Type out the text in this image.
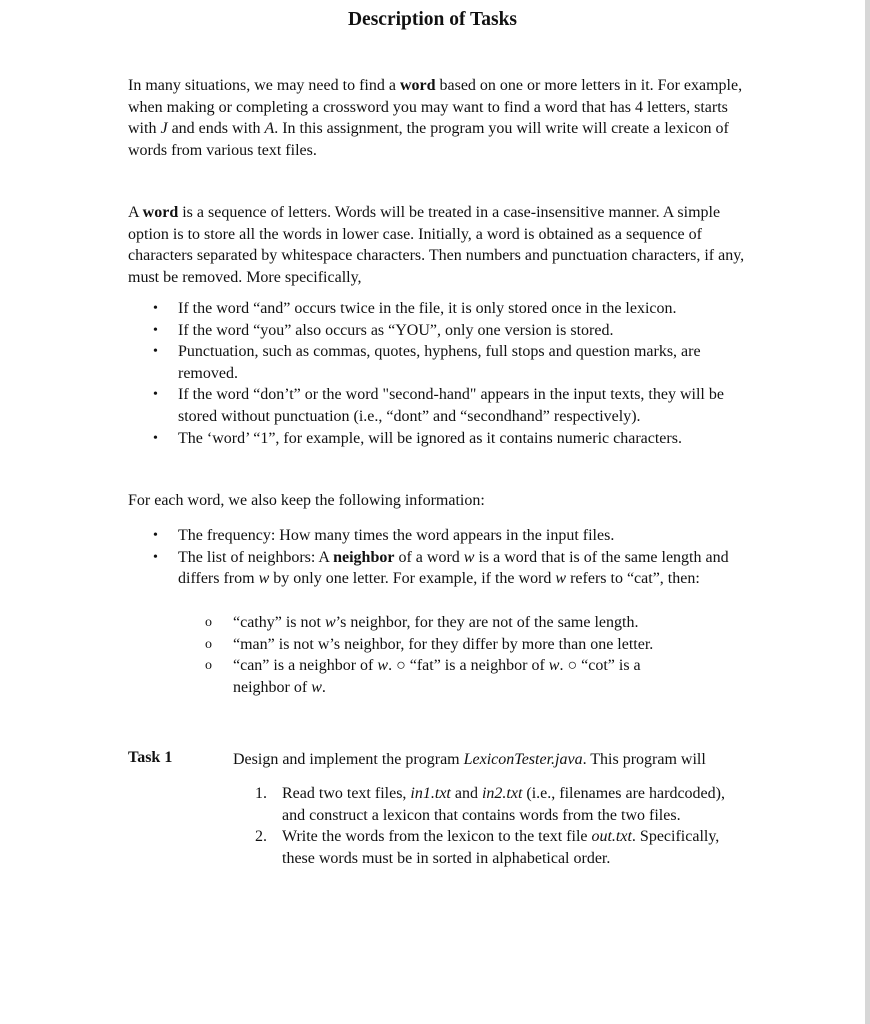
Description of Tasks
In many situations, we may need to find a word based on one or more letters in it. For example, when making or completing a crossword you may want to find a word that has 4 letters, starts with J and ends with A. In this assignment, the program you will write will create a lexicon of words from various text files.
A word is a sequence of letters. Words will be treated in a case-insensitive manner. A simple option is to store all the words in lower case. Initially, a word is obtained as a sequence of characters separated by whitespace characters. Then numbers and punctuation characters, if any, must be removed. More specifically,
• If the word “and” occurs twice in the file, it is only stored once in the lexicon.
• If the word “you” also occurs as “YOU”, only one version is stored.
• Punctuation, such as commas, quotes, hyphens, full stops and question marks, are removed.
• If the word “don’t” or the word "second-hand" appears in the input texts, they will be stored without punctuation (i.e., “dont” and “secondhand” respectively).
• The ‘word’ “1”, for example, will be ignored as it contains numeric characters.
For each word, we also keep the following information:
• The frequency: How many times the word appears in the input files.
• The list of neighbors: A neighbor of a word w is a word that is of the same length and differs from w by only one letter. For example, if the word w refers to “cat”, then:
o “cathy” is not w’s neighbor, for they are not of the same length.
o “man” is not w’s neighbor, for they differ by more than one letter.
o “can” is a neighbor of w. ○ “fat” is a neighbor of w. ○ “cot” is a neighbor of w.
Task 1	Design and implement the program LexiconTester.java. This program will
1. Read two text files, in1.txt and in2.txt (i.e., filenames are hardcoded), and construct a lexicon that contains words from the two files.
2. Write the words from the lexicon to the text file out.txt. Specifically, these words must be in sorted in alphabetical order.
